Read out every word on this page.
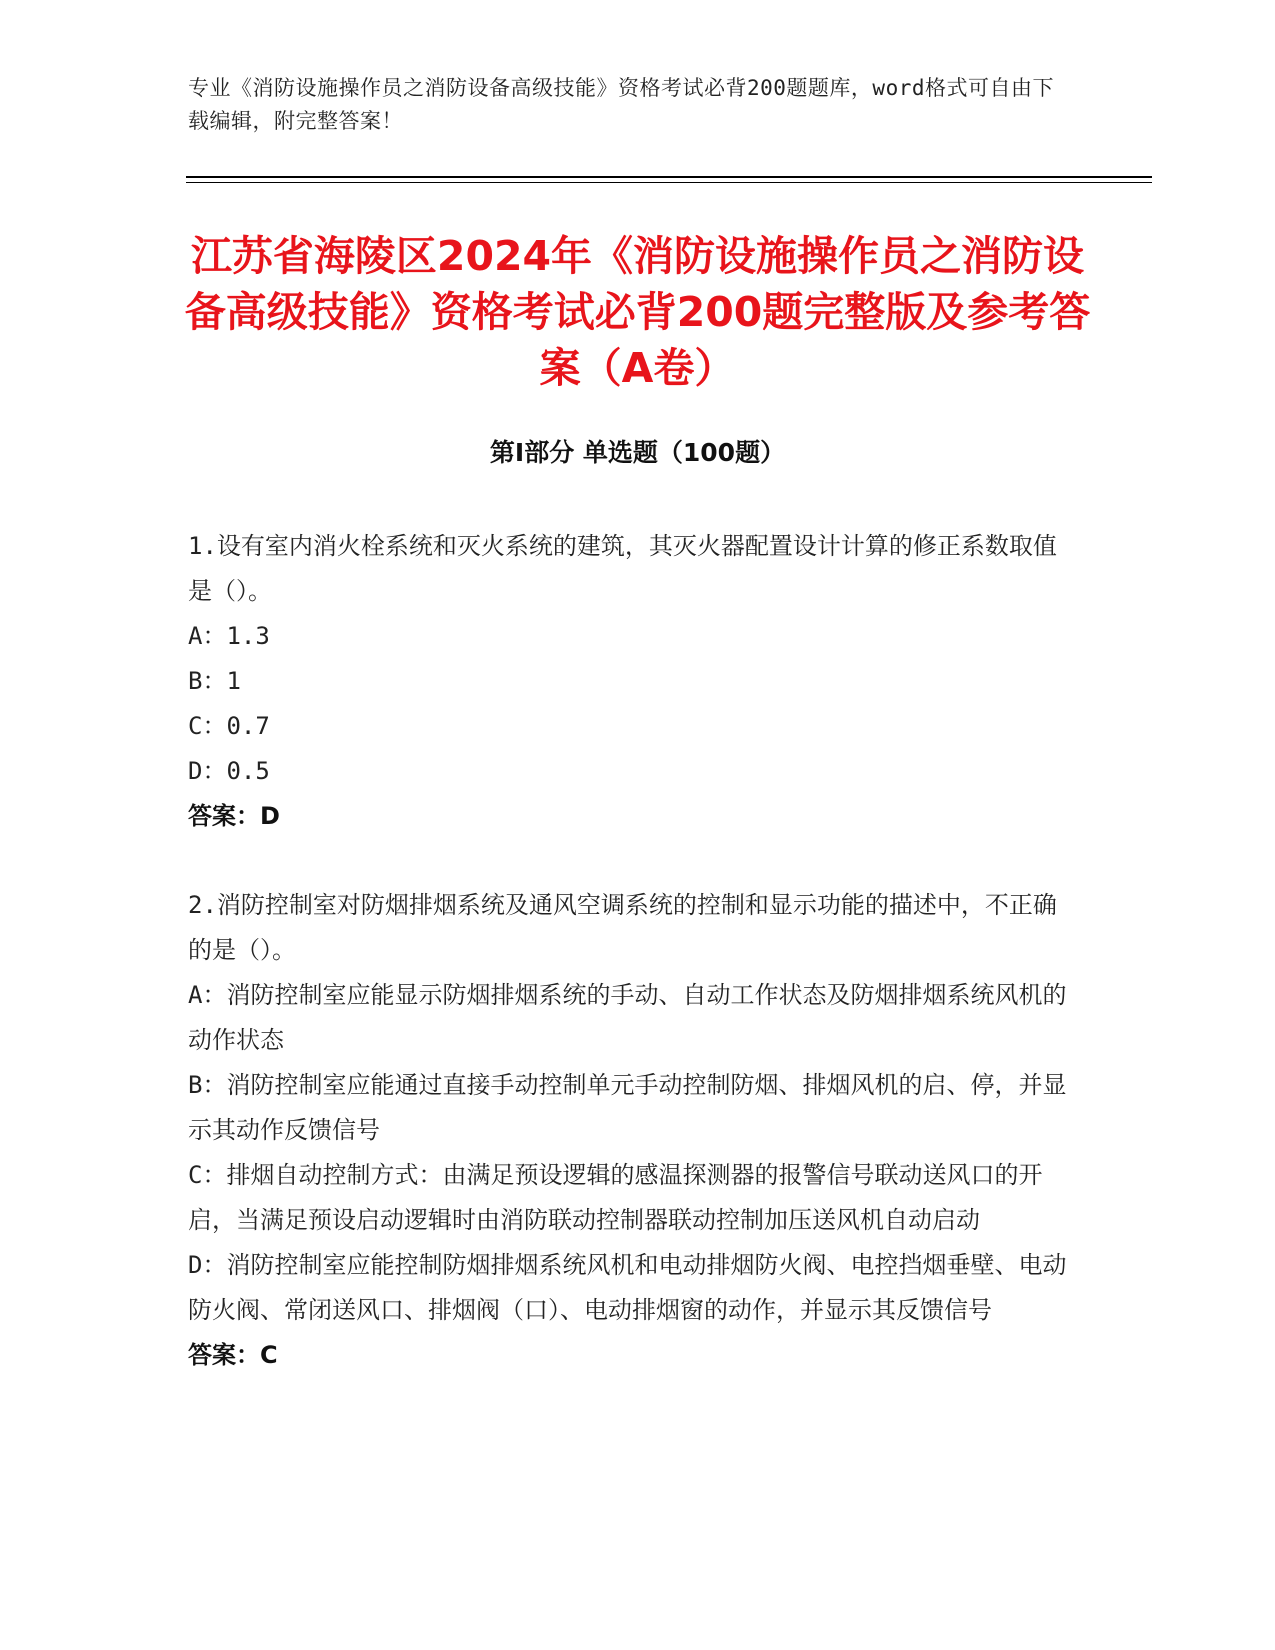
专业《消防设施操作员之消防设备高级技能》资格考试必背200题题库，word格式可自由下载编辑，附完整答案！
江苏省海陵区2024年《消防设施操作员之消防设备高级技能》资格考试必背200题完整版及参考答案（A卷）
第Ⅰ部分 单选题（100题）

1.设有室内消火栓系统和灭火系统的建筑，其灭火器配置设计计算的修正系数取值是（）。

A：1.3

B：1

C：0.7

D：0.5

答案：D

2.消防控制室对防烟排烟系统及通风空调系统的控制和显示功能的描述中，不正确的是（）。

A：消防控制室应能显示防烟排烟系统的手动、自动工作状态及防烟排烟系统风机的动作状态

B：消防控制室应能通过直接手动控制单元手动控制防烟、排烟风机的启、停，并显示其动作反馈信号

C：排烟自动控制方式：由满足预设逻辑的感温探测器的报警信号联动送风口的开启，当满足预设启动逻辑时由消防联动控制器联动控制加压送风机自动启动

D：消防控制室应能控制防烟排烟系统风机和电动排烟防火阀、电控挡烟垂壁、电动防火阀、常闭送风口、排烟阀（口）、电动排烟窗的动作，并显示其反馈信号

答案：C
